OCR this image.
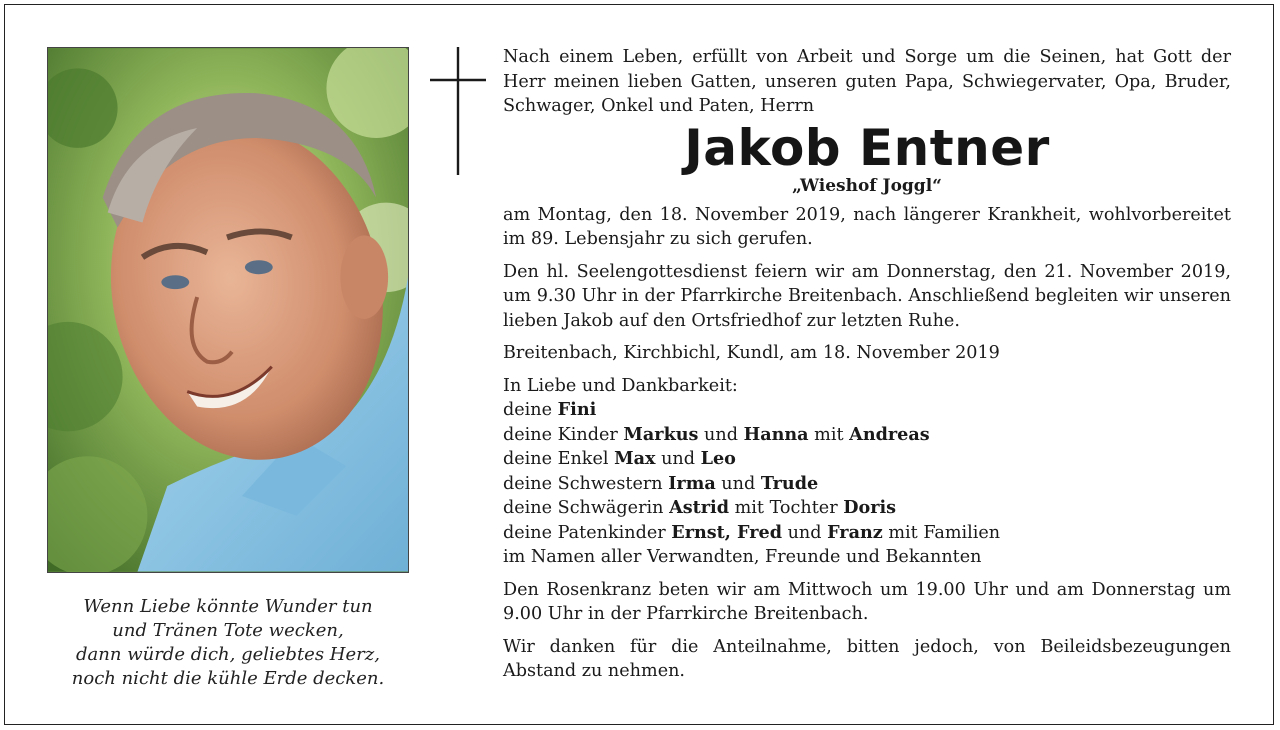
Wenn Liebe könnte Wunder tun
und Tränen Tote wecken,
dann würde dich, geliebtes Herz,
noch nicht die kühle Erde decken.

Nach einem Leben, erfüllt von Arbeit und Sorge um die Seinen, hat Gott der Herr meinen lieben Gatten, unseren guten Papa, Schwiegervater, Opa, Bruder, Schwager, Onkel und Paten, Herrn

Jakob Entner
„Wieshof Joggl“

am Montag, den 18. November 2019, nach längerer Krankheit, wohlvorbereitet im 89. Lebensjahr zu sich gerufen.

Den hl. Seelengottesdienst feiern wir am Donnerstag, den 21. November 2019, um 9.30 Uhr in der Pfarrkirche Breitenbach. Anschließend begleiten wir unseren lieben Jakob auf den Ortsfriedhof zur letzten Ruhe.

Breitenbach, Kirchbichl, Kundl, am 18. November 2019

In Liebe und Dankbarkeit:

deine Fini
deine Kinder Markus und Hanna mit Andreas
deine Enkel Max und Leo
deine Schwestern Irma und Trude
deine Schwägerin Astrid mit Tochter Doris
deine Patenkinder Ernst, Fred und Franz mit Familien
im Namen aller Verwandten, Freunde und Bekannten

Den Rosenkranz beten wir am Mittwoch um 19.00 Uhr und am Donnerstag um 9.00 Uhr in der Pfarrkirche Breitenbach.

Wir danken für die Anteilnahme, bitten jedoch, von Beileidsbezeugungen Abstand zu nehmen.
